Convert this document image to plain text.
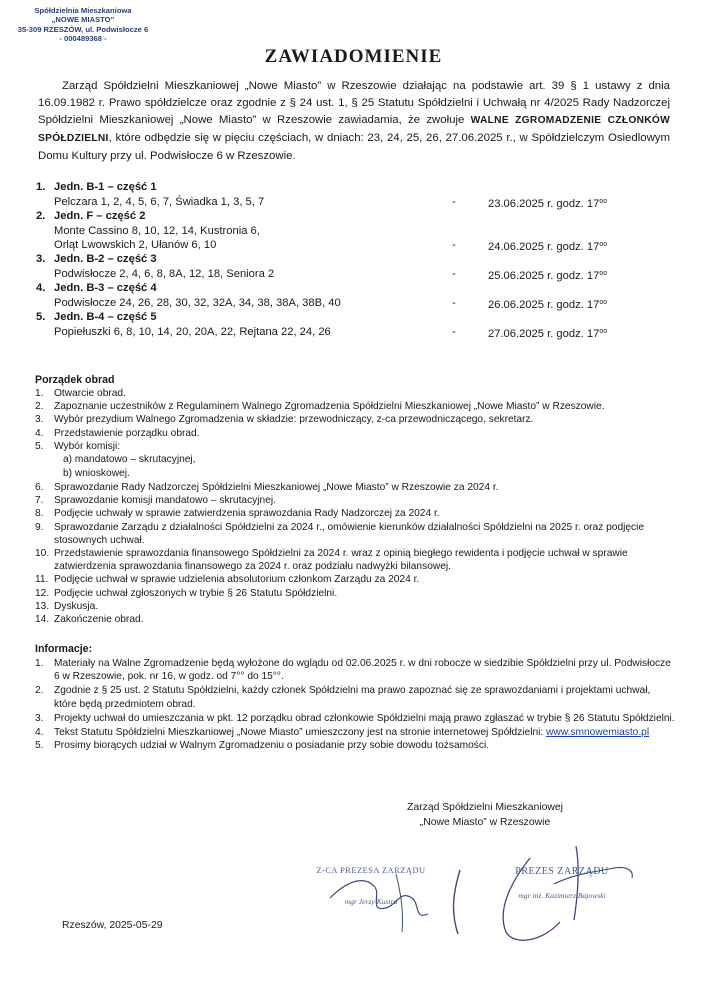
Spółdzielnia Mieszkaniowa
„NOWE MIASTO”
35-309 RZESZÓW, ul. Podwisłocze 6
- 000489368 -
ZAWIADOMIENIE

Zarząd Spółdzielni Mieszkaniowej „Nowe Miasto” w Rzeszowie działając na podstawie art. 39 § 1 ustawy z dnia 16.09.1982 r. Prawo spółdzielcze oraz zgodnie z § 24 ust. 1, § 25 Statutu Spółdzielni i Uchwałą nr 4/2025 Rady Nadzorczej Spółdzielni Mieszkaniowej „Nowe Miasto” w Rzeszowie zawiadamia, że zwołuje WALNE ZGROMADZENIE CZŁONKÓW SPÓŁDZIELNI, które odbędzie się w pięciu częściach, w dniach: 23, 24, 25, 26, 27.06.2025 r., w Spółdzielczym Osiedlowym Domu Kultury przy ul. Podwisłocze 6 w Rzeszowie.

1. Jedn. B-1 – część 1
Pelczara 1, 2, 4, 5, 6, 7, Świadka 1, 3, 5, 7	-	23.06.2025 r. godz. $17^{oo}$
2. Jedn. F – część 2
Monte Cassino 8, 10, 12, 14, Kustronia 6,
Orląt Lwowskich 2, Ułanów 6, 10	-	24.06.2025 r. godz. $17^{oo}$
3. Jedn. B-2 – część 3
Podwisłocze 2, 4, 6, 8, 8A, 12, 18, Seniora 2	-	25.06.2025 r. godz. $17^{oo}$
4. Jedn. B-3 – część 4
Podwisłocze 24, 26, 28, 30, 32, 32A, 34, 38, 38A, 38B, 40	-	26.06.2025 r. godz. $17^{oo}$
5. Jedn. B-4 – część 5
Popiełuszki 6, 8, 10, 14, 20, 20A, 22, Rejtana 22, 24, 26	-	27.06.2025 r. godz. $17^{oo}$
Porządek obrad
1. Otwarcie obrad.
2. Zapoznanie uczestników z Regulaminem Walnego Zgromadzenia Spółdzielni Mieszkaniowej „Nowe Miasto” w Rzeszowie.
3. Wybór prezydium Walnego Zgromadzenia w składzie: przewodniczący, z-ca przewodniczącego, sekretarz.
4. Przedstawienie porządku obrad.
5. Wybór komisji:
a) mandatowo – skrutacyjnej,
b) wnioskowej.
6. Sprawozdanie Rady Nadzorczej Spółdzielni Mieszkaniowej „Nowe Miasto” w Rzeszowie za 2024 r.
7. Sprawozdanie komisji mandatowo – skrutacyjnej.
8. Podjęcie uchwały w sprawie zatwierdzenia sprawozdania Rady Nadzorczej za 2024 r.
9. Sprawozdanie Zarządu z działalności Spółdzielni za 2024 r., omówienie kierunków działalności Spółdzielni na 2025 r. oraz podjęcie stosownych uchwał.
10. Przedstawienie sprawozdania finansowego Spółdzielni za 2024 r. wraz z opinią biegłego rewidenta i podjęcie uchwał w sprawie zatwierdzenia sprawozdania finansowego za 2024 r. oraz podziału nadwyżki bilansowej.
11. Podjęcie uchwał w sprawie udzielenia absolutorium członkom Zarządu za 2024 r.
12. Podjęcie uchwał zgłoszonych w trybie § 26 Statutu Spółdzielni.
13. Dyskusja.
14. Zakończenie obrad.
Informacje:
1. Materiały na Walne Zgromadzenie będą wyłożone do wglądu od 02.06.2025 r. w dni robocze w siedzibie Spółdzielni przy ul. Podwisłocze 6 w Rzeszowie, pok. nr 16, w godz. od 7°° do 15°°.
2. Zgodnie z § 25 ust. 2 Statutu Spółdzielni, każdy członek Spółdzielni ma prawo zapoznać się ze sprawozdaniami i projektami uchwał, które będą przedmiotem obrad.
3. Projekty uchwał do umieszczania w pkt. 12 porządku obrad członkowie Spółdzielni mają prawo zgłaszać w trybie § 26 Statutu Spółdzielni.
4. Tekst Statutu Spółdzielni Mieszkaniowej „Nowe Miasto” umieszczony jest na stronie internetowej Spółdzielni: www.smnowemiasto.pl
5. Prosimy biorących udział w Walnym Zgromadzeniu o posiadanie przy sobie dowodu tożsamości.
Zarząd Spółdzielni Mieszkaniowej
„Nowe Miasto” w Rzeszowie
Z-CA PREZESA ZARZĄDU
mgr Jerzy Kustra
PREZES ZARZĄDU
mgr inż. Kazimierz Bajowski
Rzeszów, 2025-05-29
